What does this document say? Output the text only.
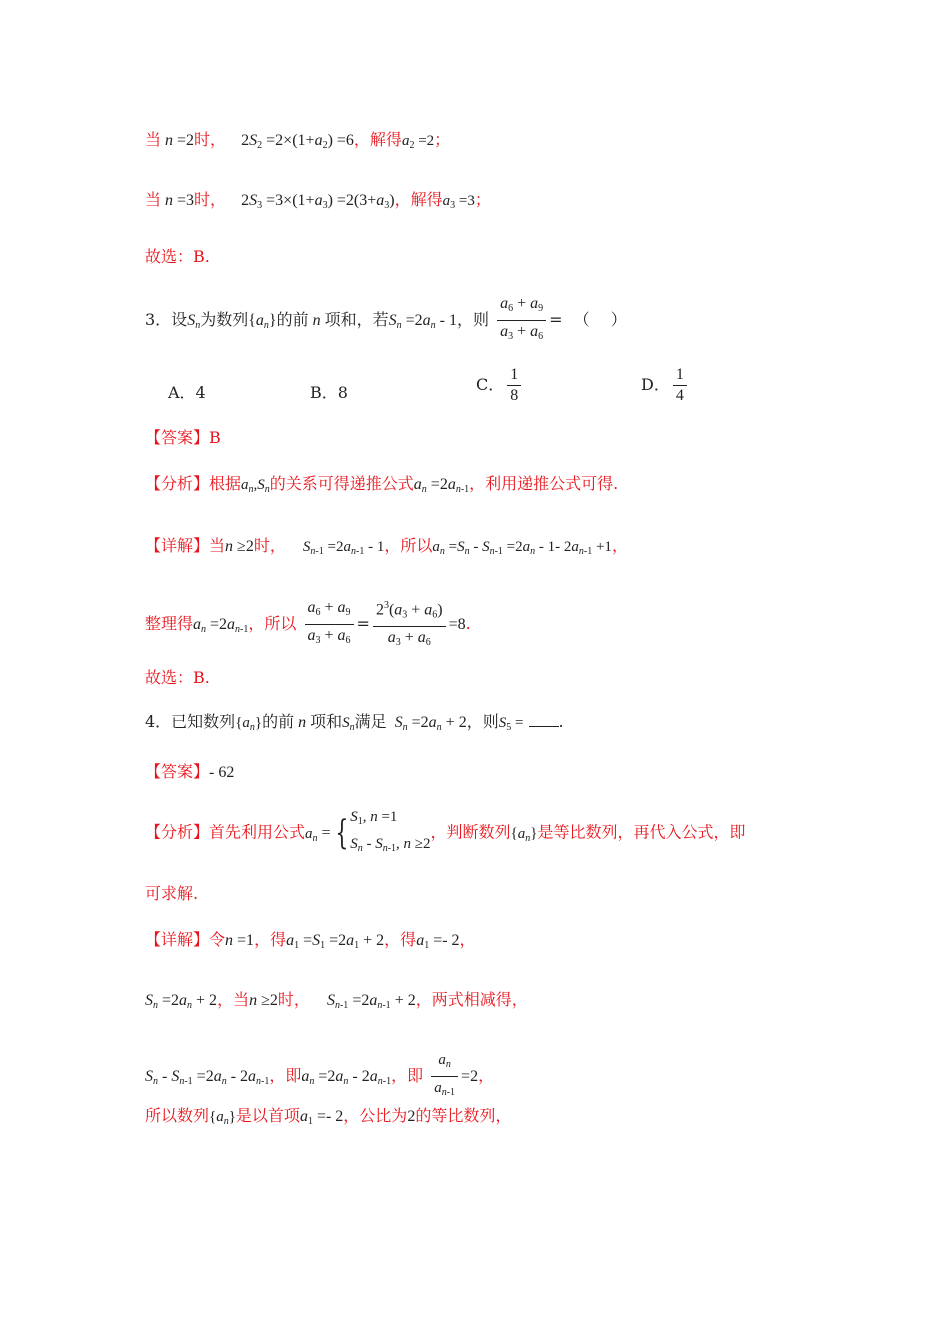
当 n =2时， $2S_2 =2\times(1+a_2) =6$，解得$a_2 =2$；
当 n =3时， $2S_3 =3\times(1+a_3) =2(3+a_3)$，解得$a_3 =3$；
故选：B.
3．设$S_n$为数列$\{a_n\}$的前 n 项和，若$S_n =2a_n - 1$，则 $\frac{a_6 + a_9}{a_3 + a_6}$ = （　 ）
A．4	B．8	C． $\frac{1}{8}$	D． $\frac{1}{4}$
【答案】B
【分析】根据$a_n,S_n$的关系可得递推公式$a_n =2a_{n-1}$，利用递推公式可得.
【详解】当n ≥2时， $S_{n-1} =2a_{n-1} - 1$，所以$a_n =S_n - S_{n-1} =2a_n - 1-$ $2a_{n-1} +1$，
整理得$a_n =2a_{n-1}$，所以 $\frac{a_6 + a_9}{a_3 + a_6} = \frac{2^3(a_3 + a_6)}{a_3 + a_6} =8$.
故选：B.
4．已知数列$\{a_n\}$的前 n 项和$S_n$满足 $S_n =2a_n + 2$，则$S_5$ = .
【答案】- 62
【分析】首先利用公式$a_n$ = { $S_1$, n =1
$S_n - S_{n-1}$, n ≥2
，判断数列$\{a_n\}$是等比数列，再代入公式，即
可求解.
【详解】令n =1，得$a_1 =S_1 =2a_1 + 2$，得$a_1 =- 2$，
$S_n =2a_n + 2$，当n ≥2时， $S_{n-1} =2a_{n-1} + 2$，两式相减得，
$S_n - S_{n-1} =2a_n - 2a_{n-1}$，即$a_n =2a_n - 2a_{n-1}$，即 $\frac{a_n}{a_{n-1}} =2$，
所以数列$\{a_n\}$是以首项$a_1 =- 2$，公比为2的等比数列，
